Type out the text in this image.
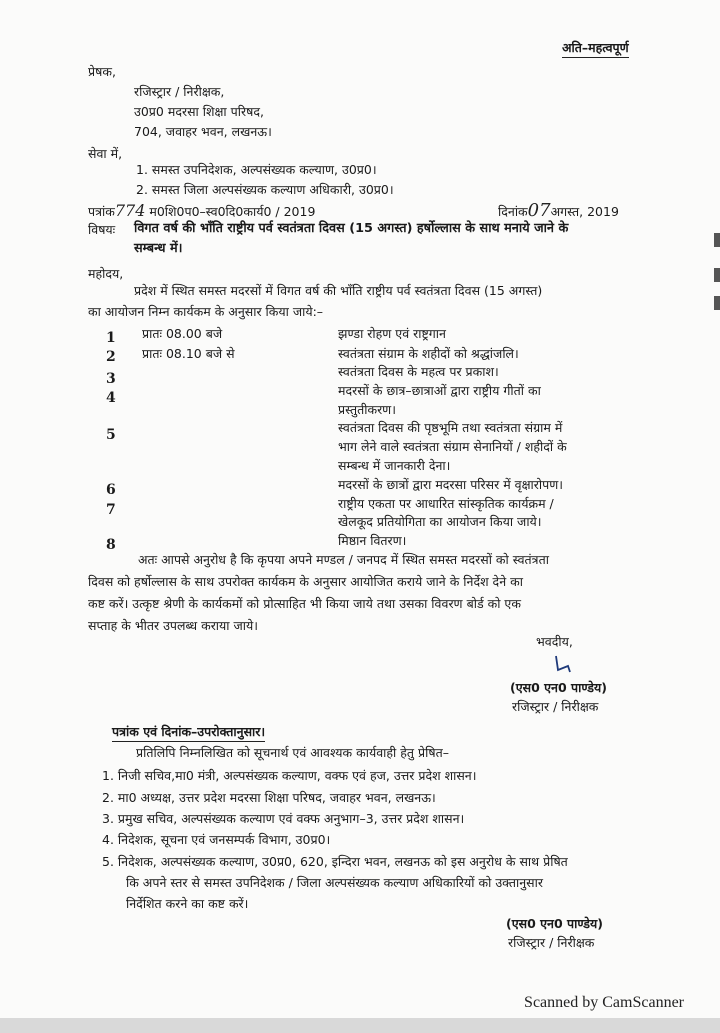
अति–महत्वपूर्ण
प्रेषक,
रजिस्ट्रार / निरीक्षक,
उ0प्र0 मदरसा शिक्षा परिषद,
704, जवाहर भवन, लखनऊ।
सेवा में,
1. समस्त उपनिदेशक, अल्पसंख्यक कल्याण, उ0प्र0।
2. समस्त जिला अल्पसंख्यक कल्याण अधिकारी, उ0प्र0।
पत्रांक774 म0शि0प0–स्व0दि0कार्य0 / 2019	दिनांक07अगस्त, 2019
विषयः विगत वर्ष की भाँति राष्ट्रीय पर्व स्वतंत्रता दिवस (15 अगस्त) हर्षोल्लास के साथ मनाये जाने के
सम्बन्ध में।
महोदय,
प्रदेश में स्थित समस्त मदरसों में विगत वर्ष की भाँति राष्ट्रीय पर्व स्वतंत्रता दिवस (15 अगस्त)
का आयोजन निम्न कार्यकम के अनुसार किया जाये:–
1
2
3
4
5
6
7
8
प्रातः 08.00 बजे
प्रातः 08.10 बजे से
झण्डा रोहण एवं राष्ट्रगान
स्वतंत्रता संग्राम के शहीदों को श्रद्धांजलि।
स्वतंत्रता दिवस के महत्व पर प्रकाश।
मदरसों के छात्र–छात्राओं द्वारा राष्ट्रीय गीतों का
प्रस्तुतीकरण।
स्वतंत्रता दिवस की पृष्ठभूमि तथा स्वतंत्रता संग्राम में
भाग लेने वाले स्वतंत्रता संग्राम सेनानियों / शहीदों के
सम्बन्ध में जानकारी देना।
मदरसों के छात्रों द्वारा मदरसा परिसर में वृक्षारोपण।
राष्ट्रीय एकता पर आधारित सांस्कृतिक कार्यक्रम /
खेलकूद प्रतियोगिता का आयोजन किया जाये।
मिष्ठान वितरण।
अतः आपसे अनुरोध है कि कृपया अपने मण्डल / जनपद में स्थित समस्त मदरसों को स्वतंत्रता
दिवस को हर्षोल्लास के साथ उपरोक्त कार्यकम के अनुसार आयोजित कराये जाने के निर्देश देने का
कष्ट करें। उत्कृष्ट श्रेणी के कार्यकमों को प्रोत्साहित भी किया जाये तथा उसका विवरण बोर्ड को एक
सप्ताह के भीतर उपलब्ध कराया जाये।
भवदीय,
(एस0 एन0 पाण्डेय)
रजिस्ट्रार / निरीक्षक
पत्रांक एवं दिनांक–उपरोक्तानुसार।
प्रतिलिपि निम्नलिखित को सूचनार्थ एवं आवश्यक कार्यवाही हेतु प्रेषित–
1. निजी सचिव,मा0 मंत्री, अल्पसंख्यक कल्याण, वक्फ एवं हज, उत्तर प्रदेश शासन।
2. मा0 अध्यक्ष, उत्तर प्रदेश मदरसा शिक्षा परिषद, जवाहर भवन, लखनऊ।
3. प्रमुख सचिव, अल्पसंख्यक कल्याण एवं वक्फ अनुभाग–3, उत्तर प्रदेश शासन।
4. निदेशक, सूचना एवं जनसम्पर्क विभाग, उ0प्र0।
5. निदेशक, अल्पसंख्यक कल्याण, उ0प्र0, 620, इन्दिरा भवन, लखनऊ को इस अनुरोध के साथ प्रेषित
कि अपने स्तर से समस्त उपनिदेशक / जिला अल्पसंख्यक कल्याण अधिकारियों को उक्तानुसार
निर्देशित करने का कष्ट करें।
(एस0 एन0 पाण्डेय)
रजिस्ट्रार / निरीक्षक
Scanned by CamScanner
